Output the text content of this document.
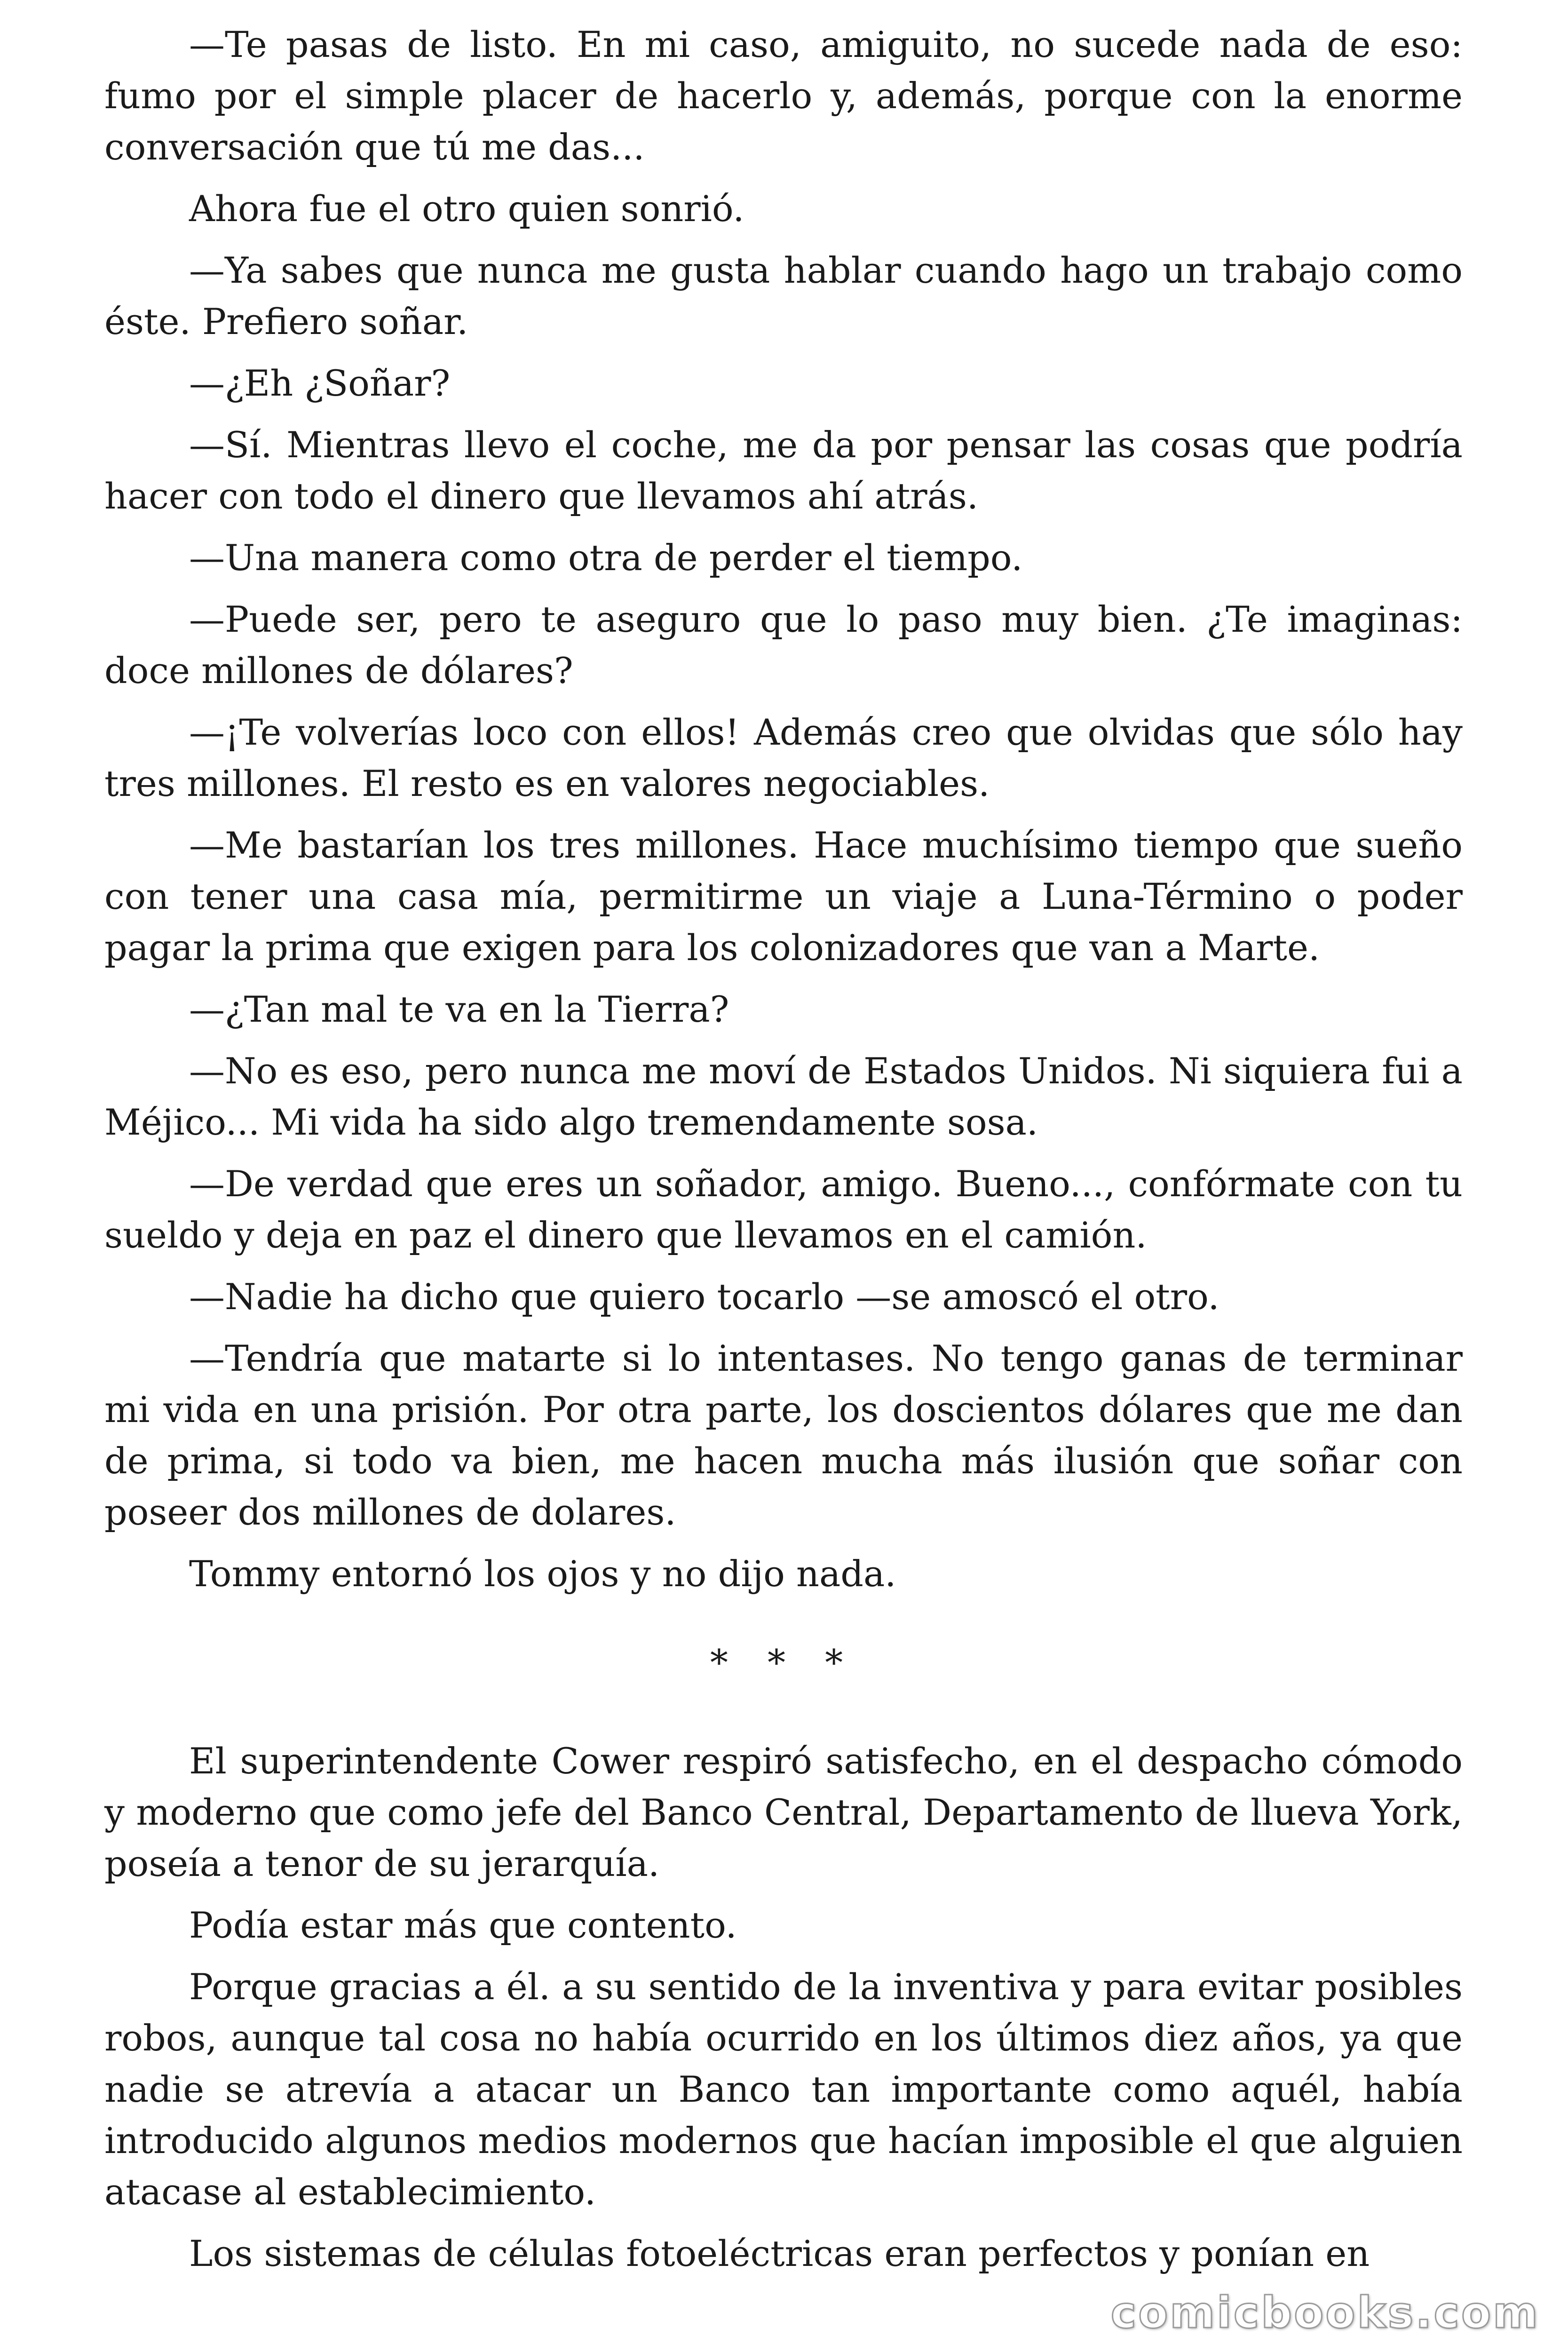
—Te pasas de listo. En mi caso, amiguito, no sucede nada de eso: fumo por el simple placer de hacerlo y, además, porque con la enorme conversación que tú me das...

Ahora fue el otro quien sonrió.

—Ya sabes que nunca me gusta hablar cuando hago un trabajo como éste. Prefiero soñar.

—¿Eh ¿Soñar?

—Sí. Mientras llevo el coche, me da por pensar las cosas que podría hacer con todo el dinero que llevamos ahí atrás.

—Una manera como otra de perder el tiempo.

—Puede ser, pero te aseguro que lo paso muy bien. ¿Te imaginas: doce millones de dólares?

—¡Te volverías loco con ellos! Además creo que olvidas que sólo hay tres millones. El resto es en valores negociables.

—Me bastarían los tres millones. Hace muchísimo tiempo que sueño con tener una casa mía, permitirme un viaje a Luna-Término o poder pagar la prima que exigen para los colonizadores que van a Marte.

—¿Tan mal te va en la Tierra?

—No es eso, pero nunca me moví de Estados Unidos. Ni siquiera fui a Méjico... Mi vida ha sido algo tremendamente sosa.

—De verdad que eres un soñador, amigo. Bueno..., confórmate con tu sueldo y deja en paz el dinero que llevamos en el camión.

—Nadie ha dicho que quiero tocarlo —se amoscó el otro.

—Tendría que matarte si lo intentases. No tengo ganas de terminar mi vida en una prisión. Por otra parte, los doscientos dólares que me dan de prima, si todo va bien, me hacen mucha más ilusión que soñar con poseer dos millones de dolares.

Tommy entornó los ojos y no dijo nada.

* * *

El superintendente Cower respiró satisfecho, en el despacho cómodo y moderno que como jefe del Banco Central, Departamento de llueva York, poseía a tenor de su jerarquía.

Podía estar más que contento.

Porque gracias a él. a su sentido de la inventiva y para evitar posibles robos, aunque tal cosa no había ocurrido en los últimos diez años, ya que nadie se atrevía a atacar un Banco tan importante como aquél, había introducido algunos medios modernos que hacían imposible el que alguien atacase al establecimiento.

Los sistemas de células fotoeléctricas eran perfectos y ponían en

comicbooks.com
